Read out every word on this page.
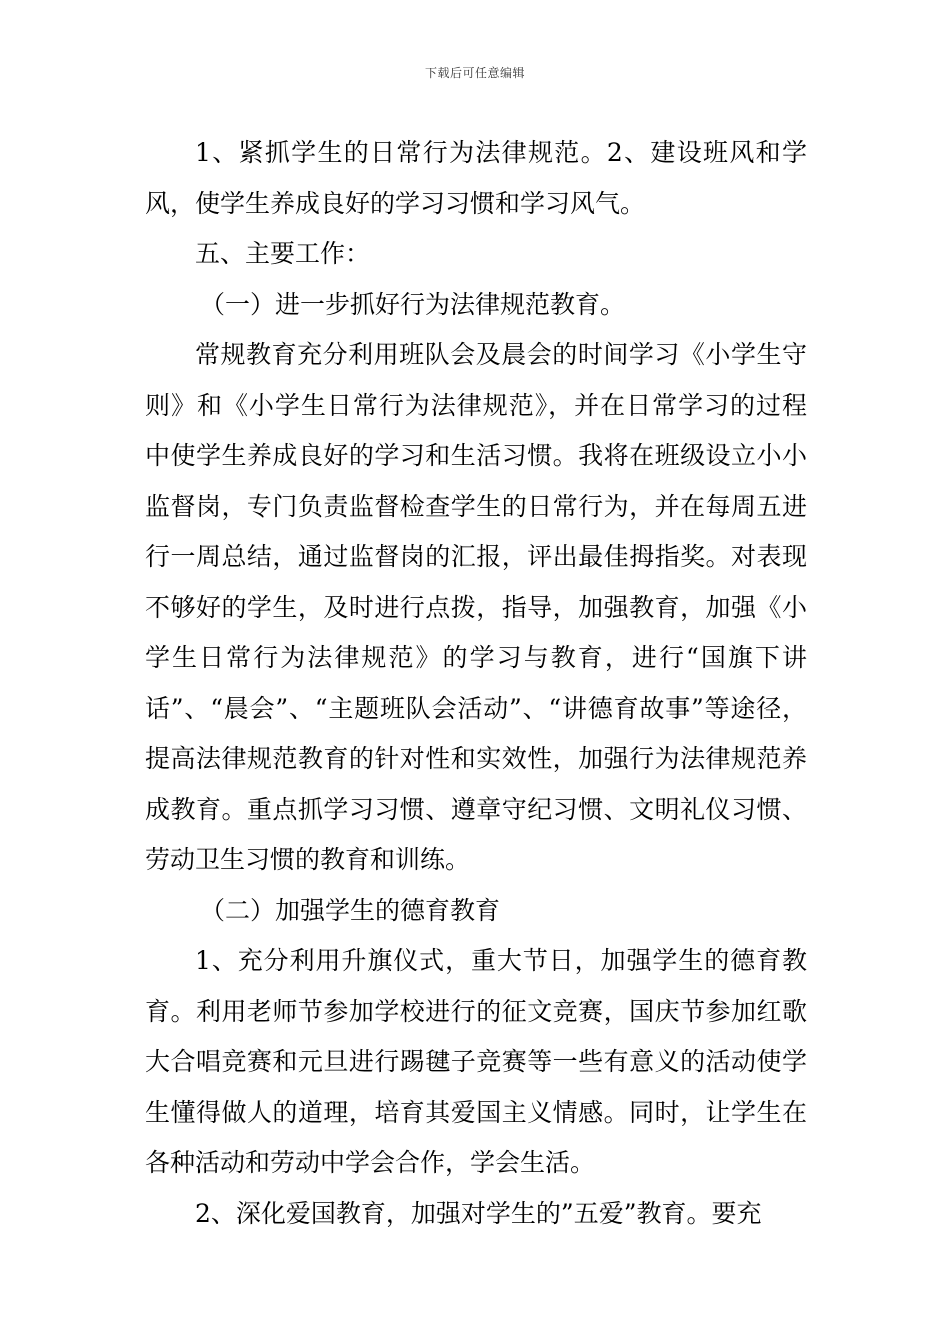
下载后可任意编辑

1、紧抓学生的日常行为法律规范。2、建设班风和学风，使学生养成良好的学习习惯和学习风气。

五、主要工作：

（一）进一步抓好行为法律规范教育。

常规教育充分利用班队会及晨会的时间学习《小学生守则》和《小学生日常行为法律规范》，并在日常学习的过程中使学生养成良好的学习和生活习惯。我将在班级设立小小监督岗，专门负责监督检查学生的日常行为，并在每周五进行一周总结，通过监督岗的汇报，评出最佳拇指奖。对表现不够好的学生，及时进行点拨，指导，加强教育，加强《小学生日常行为法律规范》的学习与教育，进行“国旗下讲话”、“晨会”、“主题班队会活动”、“讲德育故事”等途径，提高法律规范教育的针对性和实效性，加强行为法律规范养成教育。重点抓学习习惯、遵章守纪习惯、文明礼仪习惯、劳动卫生习惯的教育和训练。

（二）加强学生的德育教育

1、充分利用升旗仪式，重大节日，加强学生的德育教育。利用老师节参加学校进行的征文竞赛，国庆节参加红歌大合唱竞赛和元旦进行踢毽子竞赛等一些有意义的活动使学生懂得做人的道理，培育其爱国主义情感。同时，让学生在各种活动和劳动中学会合作，学会生活。

2、深化爱国教育，加强对学生的”五爱”教育。要充
